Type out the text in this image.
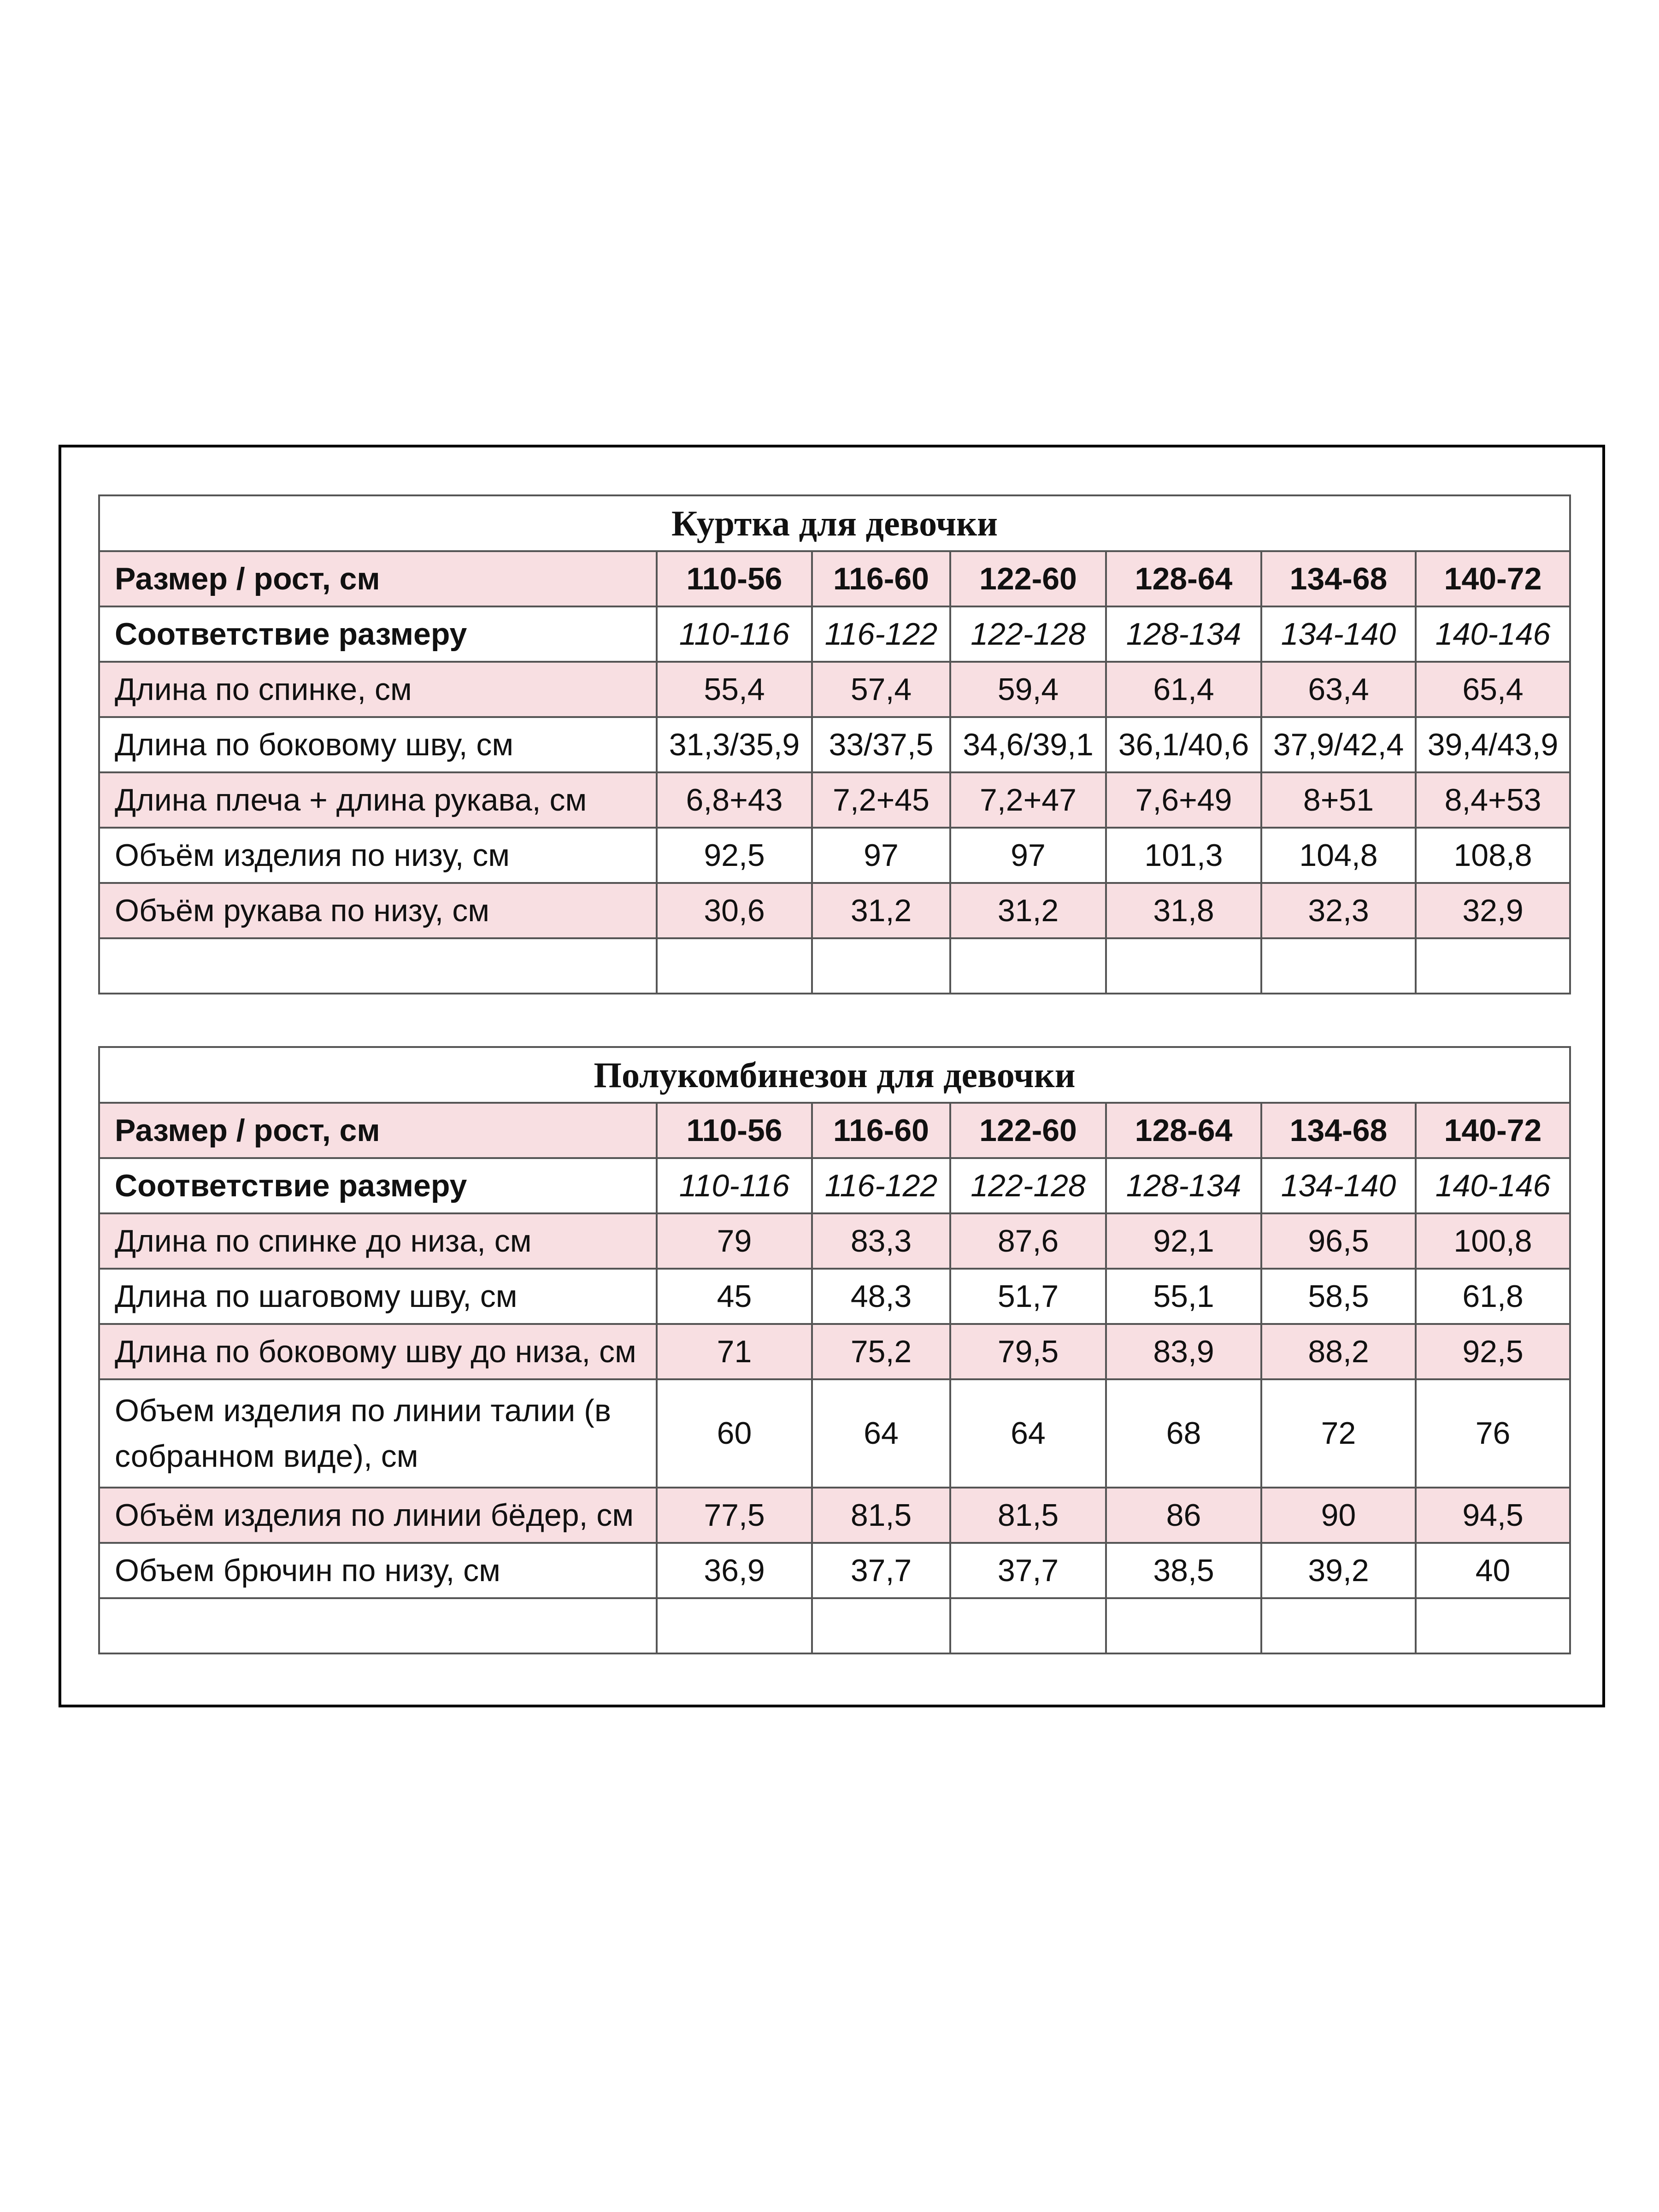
Куртка для девочки						
Размер / рост, см	110-56	116-60	122-60	128-64	134-68	140-72
Соответствие размеру	110-116	116-122	122-128	128-134	134-140	140-146
Длина по спинке, см	55,4	57,4	59,4	61,4	63,4	65,4
Длина по боковому шву, см	31,3/35,9	33/37,5	34,6/39,1	36,1/40,6	37,9/42,4	39,4/43,9
Длина плеча + длина рукава, см	6,8+43	7,2+45	7,2+47	7,6+49	8+51	8,4+53
Объём изделия по низу, см	92,5	97	97	101,3	104,8	108,8
Объём рукава по низу, см	30,6	31,2	31,2	31,8	32,3	32,9

Полукомбинезон для девочки						
Размер / рост, см	110-56	116-60	122-60	128-64	134-68	140-72
Соответствие размеру	110-116	116-122	122-128	128-134	134-140	140-146
Длина по спинке до низа, см	79	83,3	87,6	92,1	96,5	100,8
Длина по шаговому шву, см	45	48,3	51,7	55,1	58,5	61,8
Длина по боковому шву до низа, см	71	75,2	79,5	83,9	88,2	92,5
Объем изделия по линии талии (в собранном виде), см	60	64	64	68	72	76
Объём изделия по линии бёдер, см	77,5	81,5	81,5	86	90	94,5
Объем брючин по низу, см	36,9	37,7	37,7	38,5	39,2	40
